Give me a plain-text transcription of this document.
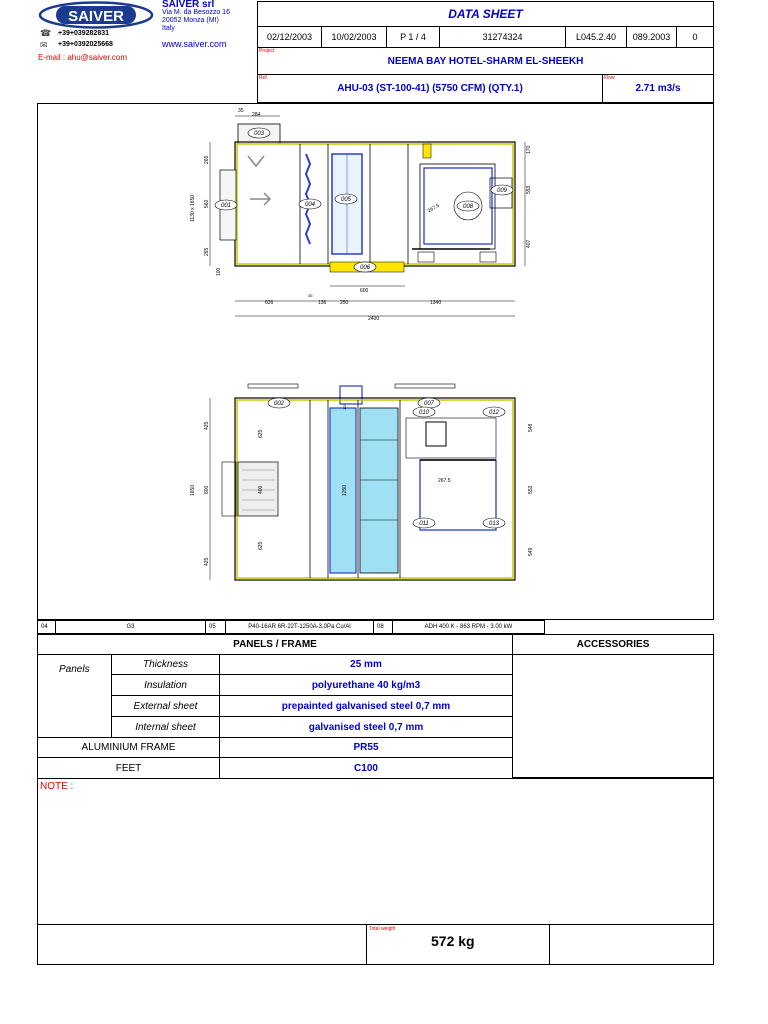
SAIVER
SAIVER srl
Via M. da Besozzo 16
20052 Monza (MI)
Italy
☎ +39+039282831
✉ +39+0392025668	www.saiver.com
E-mail : ahu@saiver.com
DATA SHEET
02/12/2003 10/02/2003	P 1 / 4	31274324	L045.2.40 089.2003 0
NEEMA BAY HOTEL-SHARM EL-SHEEKH
Project
AHU-03 (ST-100-41) (5750 CFM) (QTY.1)
Ref.
2.71 m3/s
Flow
35
284
003
001	004
005
006
008
009
267.5
265
560
265
1130 x 1650
100
170
553
407
600
626
35
136	250	1340
2400
002	007
010
011
012
013
425
800
425
1650
625
400
625
1250
120
267.5
548
553
549
04	G3	05	P40-16AR 6R-22T-1250A-3.0Pa Cu/Al	08	ADH 400 K - 863 RPM - 3.00 kW
PANELS / FRAME	ACCESSORIES
Panels	Thickness	25 mm
Insulation	polyurethane 40 kg/m3
External sheet	prepainted galvanised steel 0,7 mm
Internal sheet	galvanised steel 0,7 mm
ALUMINIUM FRAME	PR55
FEET	C100
NOTE :
Total weigth
572 kg
